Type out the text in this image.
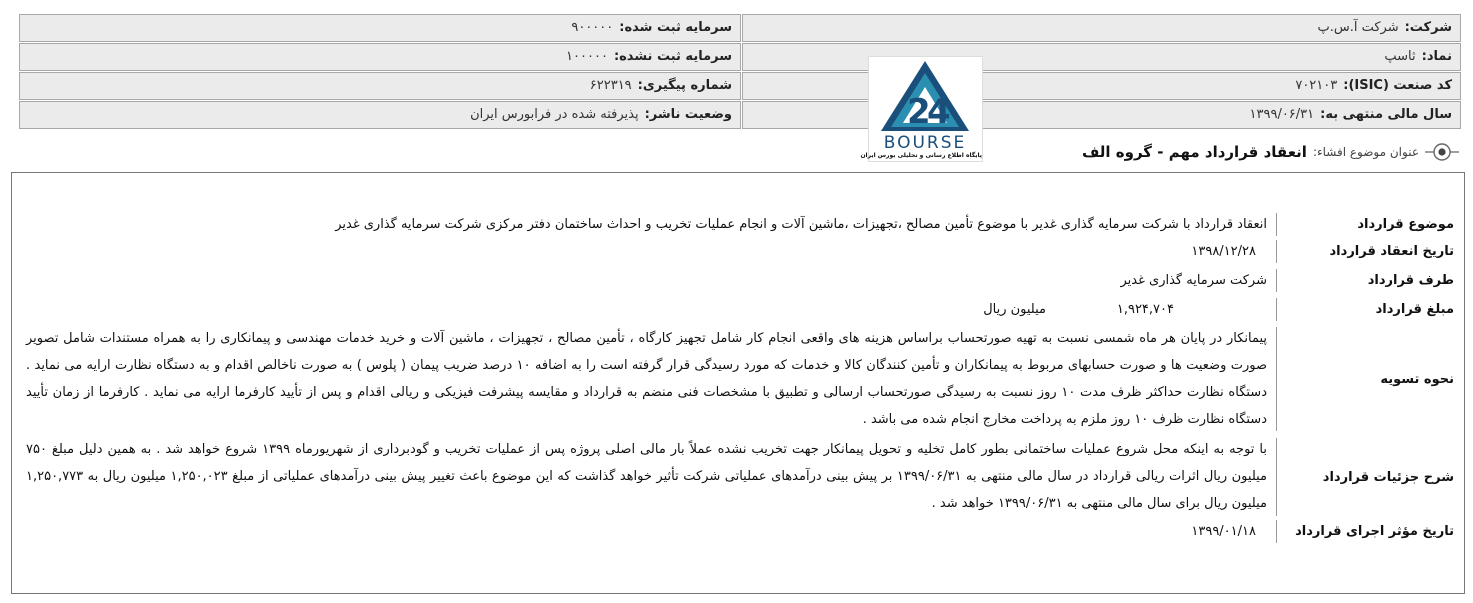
شرکت:شرکت آ.س.پ
سرمایه ثبت شده:۹۰۰۰۰۰
نماد:ثاسپ
سرمایه ثبت نشده:۱۰۰۰۰۰
کد صنعت (ISIC):۷۰۲۱۰۳
شماره پیگیری:۶۲۲۳۱۹
سال مالی منتهی به:۱۳۹۹/۰۶/۳۱
وضعیت ناشر:پذیرفته شده در فرابورس ایران	2
4
BOURSE
پایگاه اطلاع رسانی و تحلیلی بورس ایران	عنوان موضوع افشاء:
انعقاد قرارداد مهم - گروه الف
موضوع قرارداد
انعقاد قرارداد با شرکت سرمایه گذاری غدیر با موضوع تأمین مصالح ،تجهیزات ،ماشین آلات و انجام عملیات تخریب و احداث ساختمان دفتر مرکزی شرکت سرمایه گذاری غدیر
تاریخ انعقاد قرارداد
۱۳۹۸/۱۲/۲۸
طرف قرارداد
شرکت سرمایه گذاری غدیر
مبلغ قرارداد
۱,۹۲۴,۷۰۴میلیون ریال
نحوه تسویه
پیمانکار در پایان هر ماه شمسی نسبت به تهیه صورتحساب براساس هزینه های واقعی انجام کار شامل تجهیز کارگاه ، تأمین مصالح ، تجهیزات ، ماشین آلات و خرید خدمات مهندسی و پیمانکاری را به همراه مستندات شامل تصویر صورت وضعیت ها و صورت حسابهای مربوط به پیمانکاران و تأمین کنندگان کالا و خدمات که مورد رسیدگی قرار گرفته است را به اضافه ۱۰ درصد ضریب پیمان ( پلوس ) به صورت ناخالص اقدام و به دستگاه نظارت ارایه می نماید . دستگاه نظارت حداکثر ظرف مدت ۱۰ روز نسبت به رسیدگی صورتحساب ارسالی و تطبیق با مشخصات فنی منضم به قرارداد و مقایسه پیشرفت فیزیکی و ریالی اقدام و پس از تأیید کارفرما ارایه می نماید . کارفرما از زمان تأیید دستگاه نظارت ظرف ۱۰ روز ملزم به پرداخت مخارج انجام شده می باشد .
شرح جزئیات قرارداد
با توجه به اینکه محل شروع عملیات ساختمانی بطور کامل تخلیه و تحویل پیمانکار جهت تخریب نشده عملاً بار مالی اصلی پروژه پس از عملیات تخریب و گودبرداری از شهریورماه ۱۳۹۹ شروع خواهد شد . به همین دلیل مبلغ ۷۵۰ میلیون ریال اثرات ریالی قرارداد در سال مالی منتهی به ۱۳۹۹/۰۶/۳۱ بر پیش بینی درآمدهای عملیاتی شرکت تأثیر خواهد گذاشت که این موضوع باعث تغییر پیش بینی درآمدهای عملیاتی از مبلغ ۱,۲۵۰,۰۲۳ میلیون ریال به ۱,۲۵۰,۷۷۳ میلیون ریال برای سال مالی منتهی به ۱۳۹۹/۰۶/۳۱ خواهد شد .
تاریخ مؤثر اجرای قرارداد
۱۳۹۹/۰۱/۱۸
